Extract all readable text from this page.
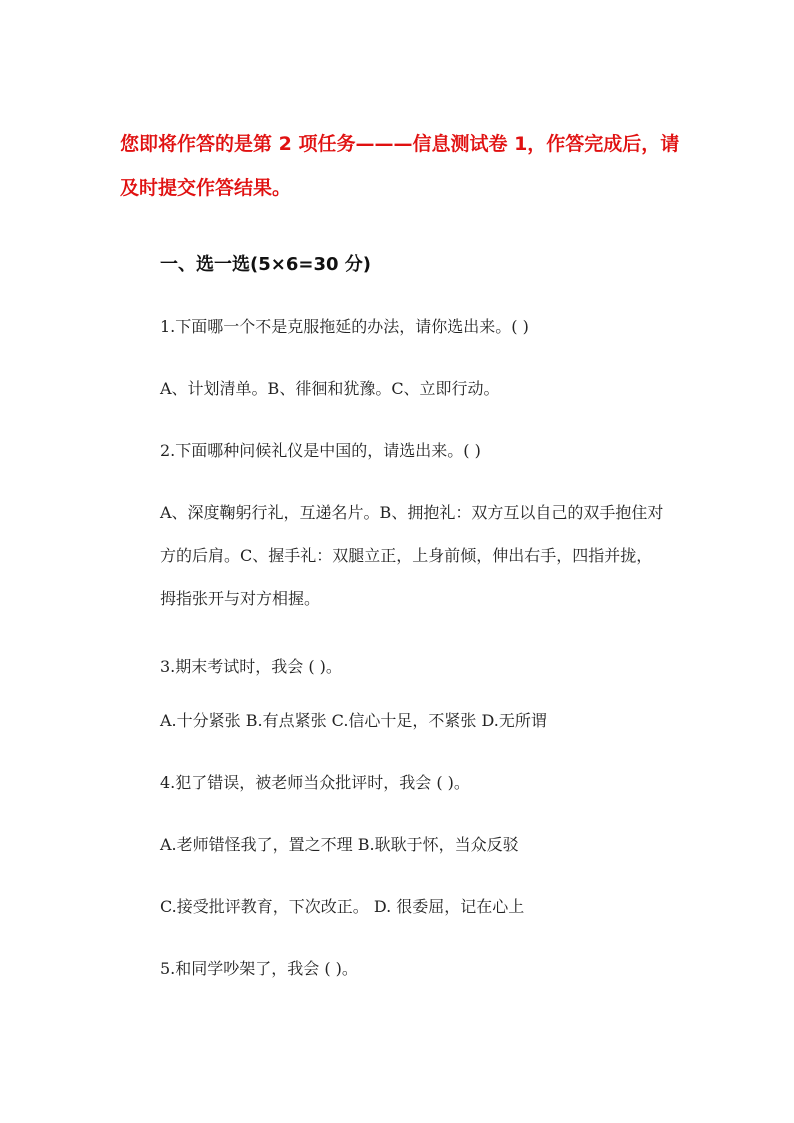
您即将作答的是第 2 项任务———信息测试卷 1，作答完成后，请及时提交作答结果。
一、选一选(5×6=30 分)
1.下面哪一个不是克服拖延的办法，请你选出来。( )
A、计划清单。B、徘徊和犹豫。C、立即行动。
2.下面哪种问候礼仪是中国的，请选出来。( )
A、深度鞠躬行礼，互递名片。B、拥抱礼：双方互以自己的双手抱住对方的后肩。C、握手礼：双腿立正，上身前倾，伸出右手，四指并拢，拇指张开与对方相握。
3.期末考试时，我会 ( )。
A.十分紧张 B.有点紧张 C.信心十足，不紧张 D.无所谓
4.犯了错误，被老师当众批评时，我会 ( )。
A.老师错怪我了，置之不理 B.耿耿于怀，当众反驳
C.接受批评教育，下次改正。 D. 很委屈，记在心上
5.和同学吵架了，我会 ( )。
